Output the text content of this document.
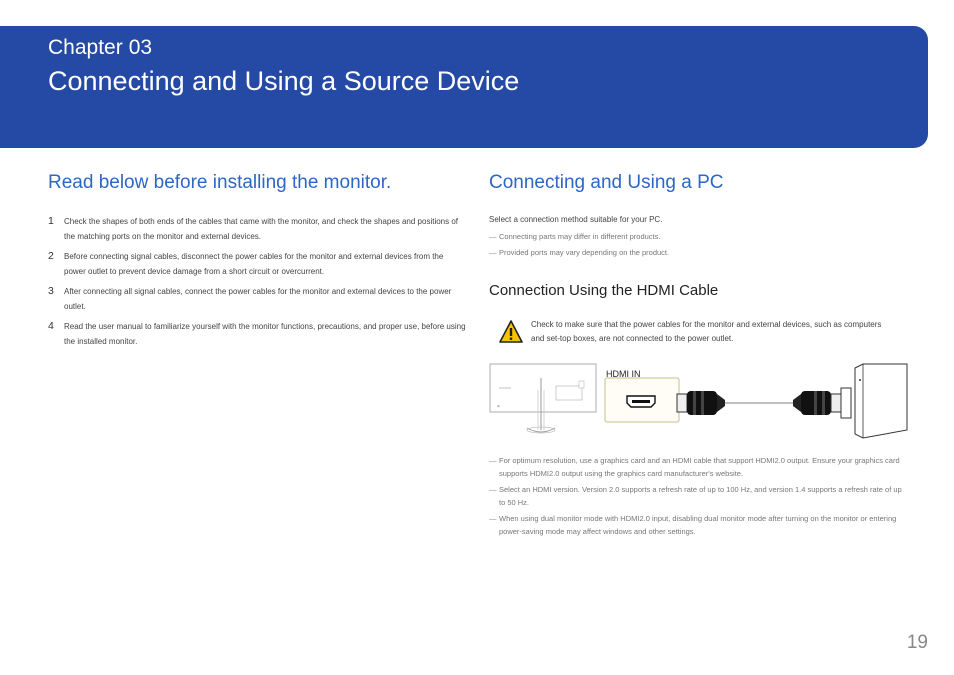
Chapter 03
Connecting and Using a Source Device
Read below before installing the monitor.
1	Check the shapes of both ends of the cables that came with the monitor, and check the shapes and positions of the matching ports on the monitor and external devices.
2	Before connecting signal cables, disconnect the power cables for the monitor and external devices from the power outlet to prevent device damage from a short circuit or overcurrent.
3	After connecting all signal cables, connect the power cables for the monitor and external devices to the power outlet.
4	Read the user manual to familiarize yourself with the monitor functions, precautions, and proper use, before using the installed monitor.
Connecting and Using a PC
Select a connection method suitable for your PC.
― Connecting parts may differ in different products.
― Provided ports may vary depending on the product.
Connection Using the HDMI Cable
Check to make sure that the power cables for the monitor and external devices, such as computers and set-top boxes, are not connected to the power outlet.
×
HDMI IN
― For optimum resolution, use a graphics card and an HDMI cable that support HDMI2.0 output. Ensure your graphics card supports HDMI2.0 output using the graphics card manufacturer's website.
― Select an HDMI version. Version 2.0 supports a refresh rate of up to 100 Hz, and version 1.4 supports a refresh rate of up to 50 Hz.
― When using dual monitor mode with HDMI2.0 input, disabling dual monitor mode after turning on the monitor or entering power-saving mode may affect windows and other settings.
19
